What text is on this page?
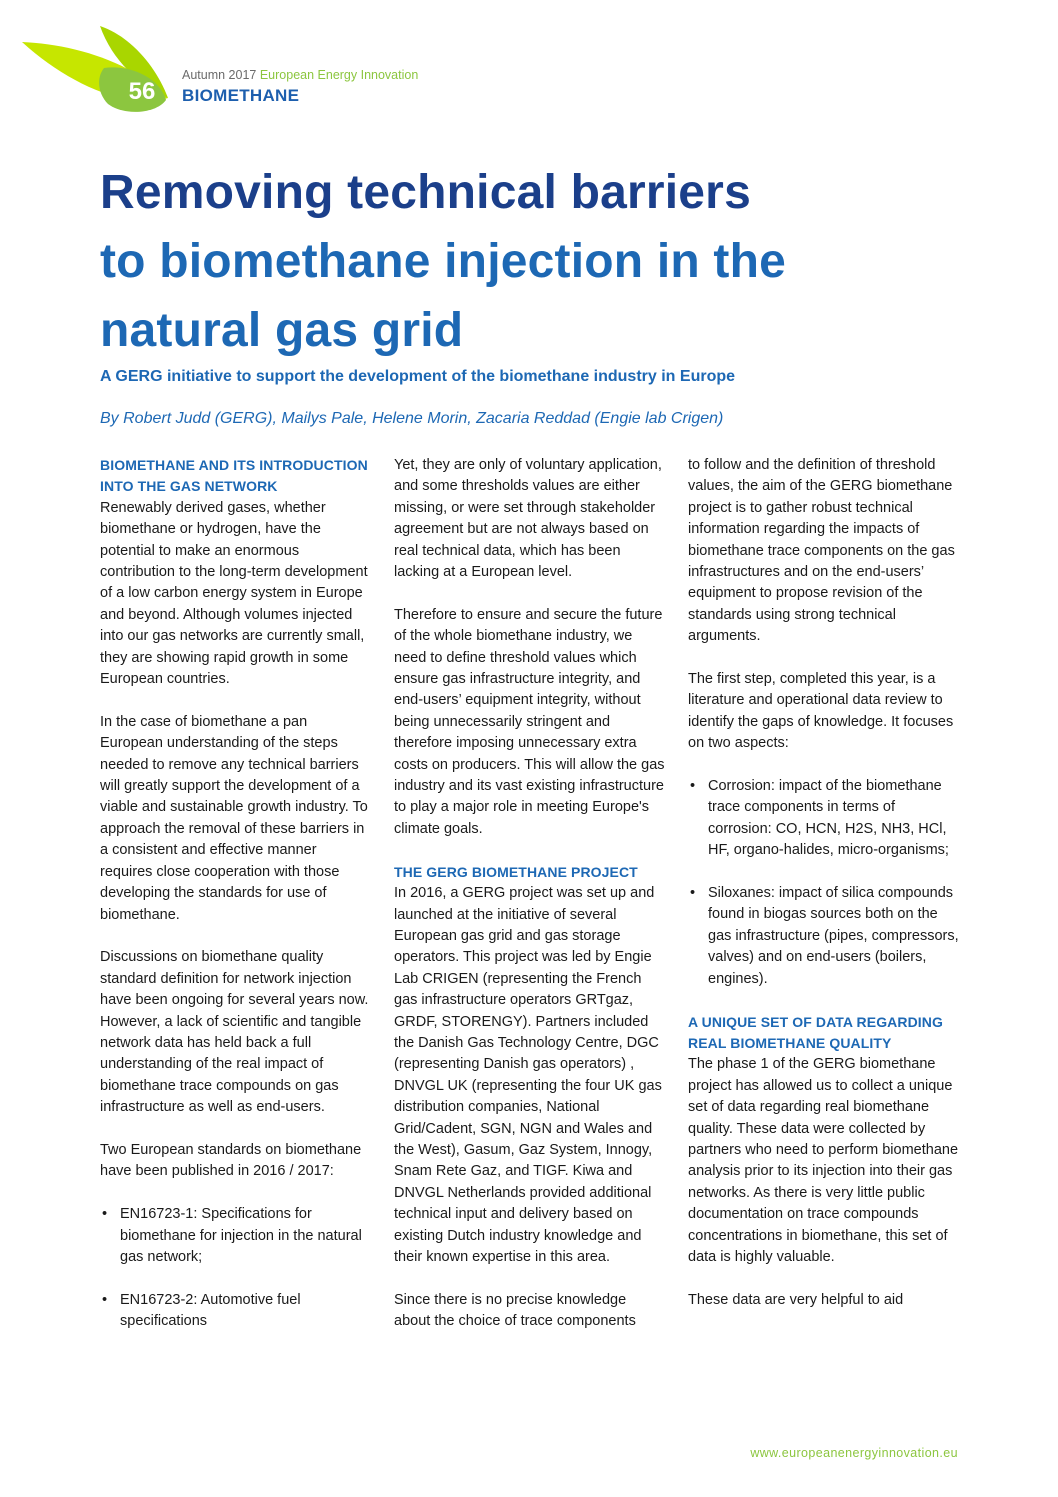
56
Autumn 2017 European Energy Innovation
BIOMETHANE
Removing technical barriers
to biomethane injection in the
natural gas grid
A GERG initiative to support the development of the biomethane industry in Europe
By Robert Judd (GERG), Mailys Pale, Helene Morin, Zacaria Reddad (Engie lab Crigen)
BIOMETHANE AND ITS INTRODUCTION INTO THE GAS NETWORK

Renewably derived gases, whether biomethane or hydrogen, have the potential to make an enormous contribution to the long-term development of a low carbon energy system in Europe and beyond. Although volumes injected into our gas networks are currently small, they are showing rapid growth in some European countries.

In the case of biomethane a pan European understanding of the steps needed to remove any technical barriers will greatly support the development of a viable and sustainable growth industry. To approach the removal of these barriers in a consistent and effective manner requires close cooperation with those developing the standards for use of biomethane.

Discussions on biomethane quality standard definition for network injection have been ongoing for several years now. However, a lack of scientific and tangible network data has held back a full understanding of the real impact of biomethane trace compounds on gas infrastructure as well as end-users.

Two European standards on biomethane have been published in 2016 / 2017:

• EN16723-1: Specifications for biomethane for injection in the natural gas network;
• EN16723-2: Automotive fuel specifications

Yet, they are only of voluntary application, and some thresholds values are either missing, or were set through stakeholder agreement but are not always based on real technical data, which has been lacking at a European level.

Therefore to ensure and secure the future of the whole biomethane industry, we need to define threshold values which ensure gas infrastructure integrity, and end-users’ equipment integrity, without being unnecessarily stringent and therefore imposing unnecessary extra costs on producers. This will allow the gas industry and its vast existing infrastructure to play a major role in meeting Europe's climate goals.

THE GERG BIOMETHANE PROJECT

In 2016, a GERG project was set up and launched at the initiative of several European gas grid and gas storage operators. This project was led by Engie Lab CRIGEN (representing the French gas infrastructure operators GRTgaz, GRDF, STORENGY). Partners included the Danish Gas Technology Centre, DGC (representing Danish gas operators) , DNVGL UK (representing the four UK gas distribution companies, National Grid/Cadent, SGN, NGN and Wales and the West), Gasum, Gaz System, Innogy, Snam Rete Gaz, and TIGF. Kiwa and DNVGL Netherlands provided additional technical input and delivery based on existing Dutch industry knowledge and their known expertise in this area.

Since there is no precise knowledge about the choice of trace components

to follow and the definition of threshold values, the aim of the GERG biomethane project is to gather robust technical information regarding the impacts of biomethane trace components on the gas infrastructures and on the end-users’ equipment to propose revision of the standards using strong technical arguments.

The first step, completed this year, is a literature and operational data review to identify the gaps of knowledge. It focuses on two aspects:

• Corrosion: impact of the biomethane trace components in terms of corrosion: CO, HCN, H2S, NH3, HCl, HF, organo-halides, micro-organisms;
• Siloxanes: impact of silica compounds found in biogas sources both on the gas infrastructure (pipes, compressors, valves) and on end-users (boilers, engines).
A UNIQUE SET OF DATA REGARDING REAL BIOMETHANE QUALITY

The phase 1 of the GERG biomethane project has allowed us to collect a unique set of data regarding real biomethane quality. These data were collected by partners who need to perform biomethane analysis prior to its injection into their gas networks. As there is very little public documentation on trace compounds concentrations in biomethane, this set of data is highly valuable.

These data are very helpful to aid

www.europeanenergyinnovation.eu
